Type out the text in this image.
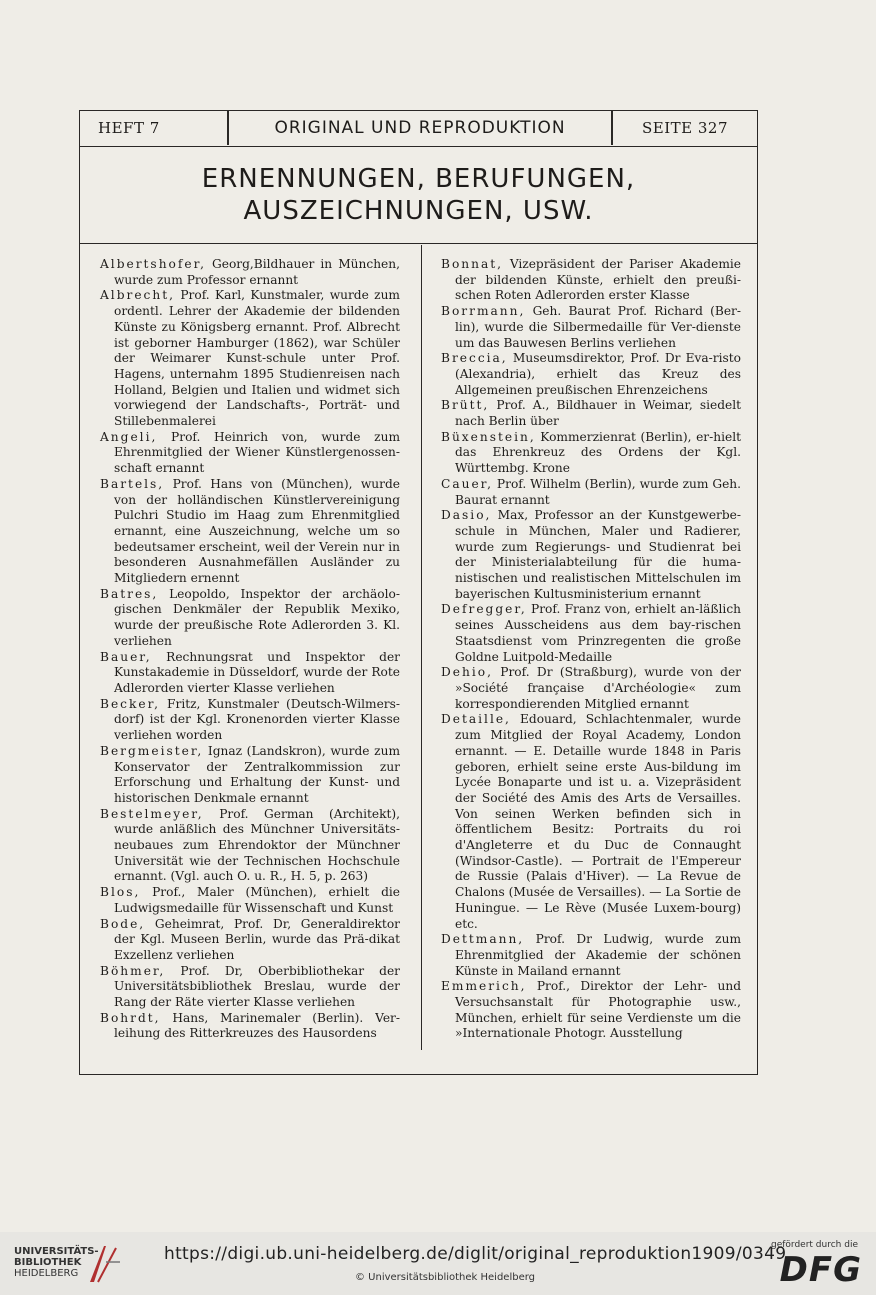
HEFT 7	ORIGINAL UND REPRODUKTION	SEITE 327
ERNENNUNGEN, BERUFUNGEN,
AUSZEICHNUNGEN, USW.

Albertshofer, Georg,Bildhauer in München, wurde zum Professor ernannt

Albrecht, Prof. Karl, Kunstmaler, wurde zum ordentl. Lehrer der Akademie der bildenden Künste zu Königsberg ernannt. Prof. Albrecht ist geborner Hamburger (1862), war Schüler der Weimarer Kunst-schule unter Prof. Hagens, unternahm 1895 Studienreisen nach Holland, Belgien und Italien und widmet sich vorwiegend der Landschafts-, Porträt- und Stillebenmalerei

Angeli, Prof. Heinrich von, wurde zum Ehrenmitglied der Wiener Künstlergenossen-schaft ernannt

Bartels, Prof. Hans von (München), wurde von der holländischen Künstlervereinigung Pulchri Studio im Haag zum Ehrenmitglied ernannt, eine Auszeichnung, welche um so bedeutsamer erscheint, weil der Verein nur in besonderen Ausnahmefällen Ausländer zu Mitgliedern ernennt

Batres, Leopoldo, Inspektor der archäolo-gischen Denkmäler der Republik Mexiko, wurde der preußische Rote Adlerorden 3. Kl. verliehen

Bauer, Rechnungsrat und Inspektor der Kunstakademie in Düsseldorf, wurde der Rote Adlerorden vierter Klasse verliehen

Becker, Fritz, Kunstmaler (Deutsch-Wilmers-dorf) ist der Kgl. Kronenorden vierter Klasse verliehen worden

Bergmeister, Ignaz (Landskron), wurde zum Konservator der Zentralkommission zur Erforschung und Erhaltung der Kunst- und historischen Denkmale ernannt

Bestelmeyer, Prof. German (Architekt), wurde anläßlich des Münchner Universitäts-neubaues zum Ehrendoktor der Münchner Universität wie der Technischen Hochschule ernannt. (Vgl. auch O. u. R., H. 5, p. 263)

Blos, Prof., Maler (München), erhielt die Ludwigsmedaille für Wissenschaft und Kunst

Bode, Geheimrat, Prof. Dr, Generaldirektor der Kgl. Museen Berlin, wurde das Prä-dikat Exzellenz verliehen

Böhmer, Prof. Dr, Oberbibliothekar der Universitätsbibliothek Breslau, wurde der Rang der Räte vierter Klasse verliehen

Bohrdt, Hans, Marinemaler (Berlin). Ver-leihung des Ritterkreuzes des Hausordens

Bonnat, Vizepräsident der Pariser Akademie der bildenden Künste, erhielt den preußi-schen Roten Adlerorden erster Klasse

Borrmann, Geh. Baurat Prof. Richard (Ber-lin), wurde die Silbermedaille für Ver-dienste um das Bauwesen Berlins verliehen

Breccia, Museumsdirektor, Prof. Dr Eva-risto (Alexandria), erhielt das Kreuz des Allgemeinen preußischen Ehrenzeichens

Brütt, Prof. A., Bildhauer in Weimar, siedelt nach Berlin über

Büxenstein, Kommerzienrat (Berlin), er-hielt das Ehrenkreuz des Ordens der Kgl. Württembg. Krone

Cauer, Prof. Wilhelm (Berlin), wurde zum Geh. Baurat ernannt

Dasio, Max, Professor an der Kunstgewerbe-schule in München, Maler und Radierer, wurde zum Regierungs- und Studienrat bei der Ministerialabteilung für die huma-nistischen und realistischen Mittelschulen im bayerischen Kultusministerium ernannt

Defregger, Prof. Franz von, erhielt an-läßlich seines Ausscheidens aus dem bay-rischen Staatsdienst vom Prinzregenten die große Goldne Luitpold-Medaille

Dehio, Prof. Dr (Straßburg), wurde von der »Société française d'Archéologie« zum korrespondierenden Mitglied ernannt

Detaille, Edouard, Schlachtenmaler, wurde zum Mitglied der Royal Academy, London ernannt. — E. Detaille wurde 1848 in Paris geboren, erhielt seine erste Aus-bildung im Lycée Bonaparte und ist u. a. Vizepräsident der Société des Amis des Arts de Versailles. Von seinen Werken befinden sich in öffentlichem Besitz: Portraits du roi d'Angleterre et du Duc de Connaught (Windsor-Castle). — Portrait de l'Empereur de Russie (Palais d'Hiver). — La Revue de Chalons (Musée de Versailles). — La Sortie de Huningue. — Le Rève (Musée Luxem-bourg) etc.

Dettmann, Prof. Dr Ludwig, wurde zum Ehrenmitglied der Akademie der schönen Künste in Mailand ernannt

Emmerich, Prof., Direktor der Lehr- und Versuchsanstalt für Photographie usw., München, erhielt für seine Verdienste um die »Internationale Photogr. Ausstellung

UNIVERSITÄTS-
BIBLIOTHEK
HEIDELBERG
https://digi.ub.uni-heidelberg.de/diglit/original_reproduktion1909/0349
© Universitätsbibliothek Heidelberg
gefördert durch die
DFG
